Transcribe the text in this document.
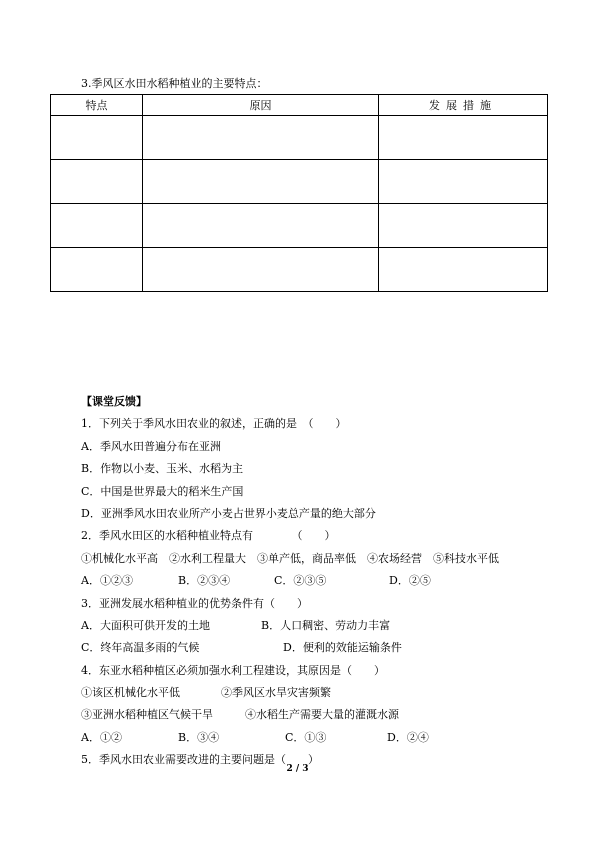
3.季风区水田水稻种植业的主要特点：
特点	原因	发展措施

【课堂反馈】
1．下列关于季风水田农业的叙述，正确的是　（　　）
A．季风水田普遍分布在亚洲
B．作物以小麦、玉米、水稻为主
C．中国是世界最大的稻米生产国
D．亚洲季风水田农业所产小麦占世界小麦总产量的绝大部分
2．季风水田区的水稻种植业特点有　　　　（　　）
①机械化水平高　②水利工程量大　③单产低，商品率低　④农场经营　⑤科技水平低
A．①②③	B．②③④	C．②③⑤	D．②⑤
3．亚洲发展水稻种植业的优势条件有（　　）
A．大面积可供开发的土地	B．人口稠密、劳动力丰富
C．终年高温多雨的气候	D．便利的效能运输条件
4．东亚水稻种植区必须加强水利工程建设，其原因是（　　）
①该区机械化水平低	②季风区水旱灾害频繁
③亚洲水稻种植区气候干旱	④水稻生产需要大量的灌溉水源
A．①②	B．③④	C．①③	D．②④
5．季风水田农业需要改进的主要问题是（　　）
2 / 3
